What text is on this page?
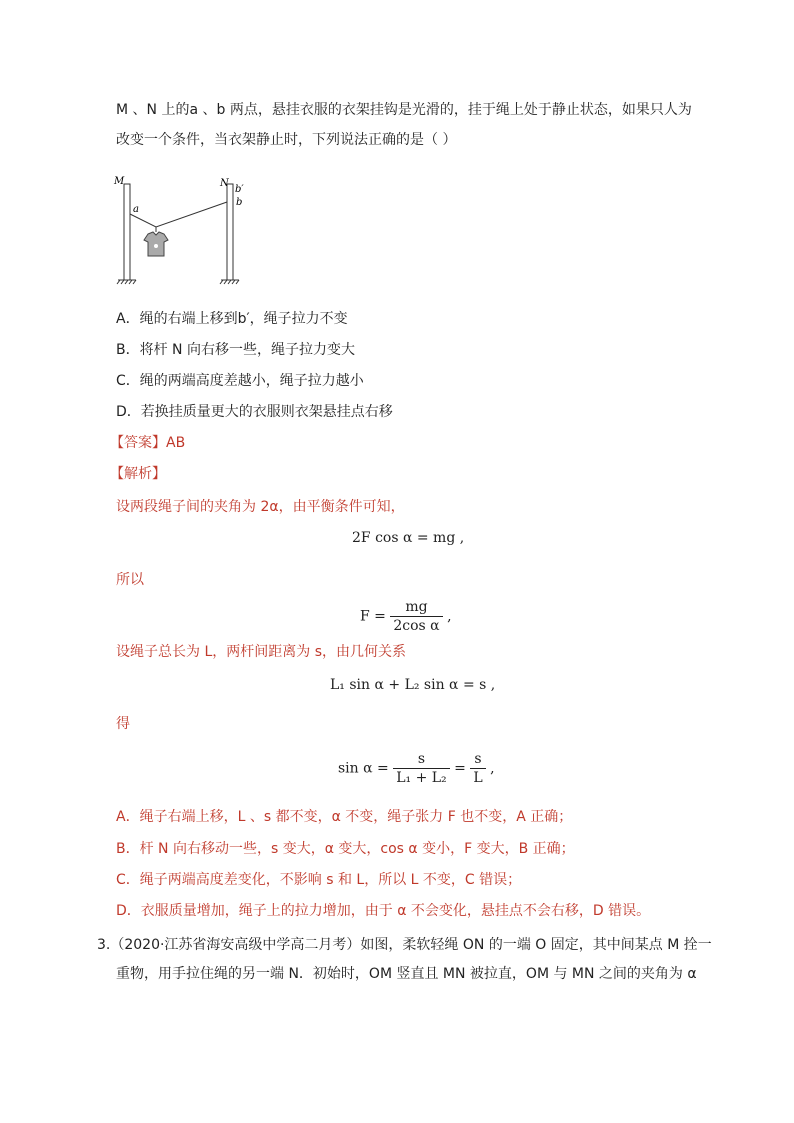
M 、N 上的a 、b 两点，悬挂衣服的衣架挂钩是光滑的，挂于绳上处于静止状态，如果只人为
改变一个条件，当衣架静止时，下列说法正确的是（ ）
M	N
a
b′
b
A．绳的右端上移到b′，绳子拉力不变
B．将杆 N 向右移一些，绳子拉力变大
C．绳的两端高度差越小，绳子拉力越小
D．若换挂质量更大的衣服则衣架悬挂点右移
【答案】AB
【解析】
设两段绳子间的夹角为 2α，由平衡条件可知，
2F cos α = mg ,
所以
$F = \frac{mg}{\text{2cos α}}$ ,
设绳子总长为 L，两杆间距离为 s，由几何关系
L₁ sin α + L₂ sin α = s ,
得
$\sin \alpha = \frac{s}{\text{L₁ + L₂}} = \frac{s}{L}$ ,
A．绳子右端上移，L 、s 都不变，α 不变，绳子张力 F 也不变，A 正确；
B．杆 N 向右移动一些，s 变大，α 变大，cos α 变小，F 变大，B 正确；
C．绳子两端高度差变化，不影响 s 和 L，所以 L 不变，C 错误；
D．衣服质量增加，绳子上的拉力增加，由于 α 不会变化，悬挂点不会右移，D 错误。
3.（2020·江苏省海安高级中学高二月考）如图，柔软轻绳 ON 的一端 O 固定，其中间某点 M 拴一
重物，用手拉住绳的另一端 N．初始时，OM 竖直且 MN 被拉直，OM 与 MN 之间的夹角为 α
